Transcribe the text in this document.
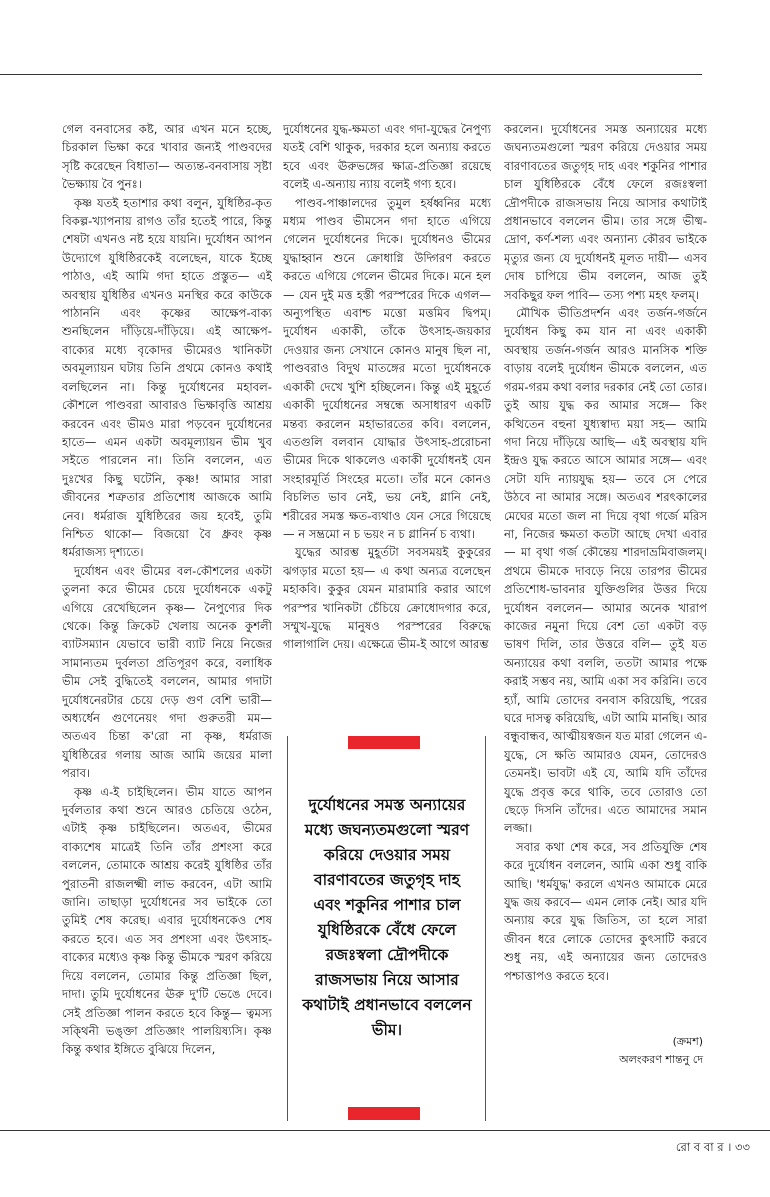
গেল বনবাসের কষ্ট, আর এখন মনে হচ্ছে, চিরকাল ভিক্ষা করে খাবার জন্যই পাণ্ডবদের সৃষ্টি করেছেন বিধাতা— অত্যন্ত-বনবাসায় সৃষ্টা ভৈক্ষ্যায় বৈ পুনঃ।

কৃষ্ণ যতই হতাশার কথা বলুন, যুধিষ্ঠির-কৃত বিকল্প-খ্যাপনায় রাগও তাঁর হতেই পারে, কিন্তু শেষটা এখনও নষ্ট হয়ে যায়নি। দুর্যোধন আপন উদ্যোগে যুধিষ্ঠিরকেই বলেছেন, যাকে ইচ্ছে পাঠাও, এই আমি গদা হাতে প্রস্তুত— এই অবস্থায় যুধিষ্ঠির এখনও মনস্থির করে কাউকে পাঠাননি এবং কৃষ্ণের আক্ষেপ-বাক্য শুনছিলেন দাঁড়িয়ে-দাঁড়িয়ে। এই আক্ষেপ-বাক্যের মধ্যে বৃকোদর ভীমেরও খানিকটা অবমূল্যায়ন ঘটায় তিনি প্রথমে কোনও কথাই বলছিলেন না। কিন্তু দুর্যোধনের মহাবল-কৌশলে পাণ্ডবরা আবারও ভিক্ষাবৃত্তি আশ্রয় করবেন এবং ভীমও মারা পড়বেন দুর্যোধনের হাতে— এমন একটা অবমূল্যায়ন ভীম খুব সইতে পারলেন না। তিনি বললেন, এত দুঃখের কিছু ঘটেনি, কৃষ্ণ! আমার সারা জীবনের শত্রুতার প্রতিশোধ আজকে আমি নেব। ধর্মরাজ যুধিষ্ঠিরের জয় হবেই, তুমি নিশ্চিত থাকো— বিজয়ো বৈ ধ্রুবং কৃষ্ণ ধর্মরাজস্য দৃশ্যতে।

দুর্যোধন এবং ভীমের বল-কৌশলের একটা তুলনা করে ভীমের চেয়ে দুর্যোধনকে একটু এগিয়ে রেখেছিলেন কৃষ্ণ— নৈপুণ্যের দিক থেকে। কিন্তু ক্রিকেট খেলায় অনেক কুশলী ব্যাটসম্যান যেভাবে ভারী ব্যাট নিয়ে নিজের সামান্যতম দুর্বলতা প্রতিপূরণ করে, বলাধিক ভীম সেই বুদ্ধিতেই বললেন, আমার গদাটা দুর্যোধনেরটার চেয়ে দেড় গুণ বেশি ভারী— অধ্যর্ধেন গুণেনেয়ং গদা গুরুতরী মম— অতএব চিন্তা ক'রো না কৃষ্ণ, ধর্মরাজ যুধিষ্ঠিরের গলায় আজ আমি জয়ের মালা পরাব।

কৃষ্ণ এ-ই চাইছিলেন। ভীম যাতে আপন দুর্বলতার কথা শুনে আরও চেতিয়ে ওঠেন, এটাই কৃষ্ণ চাইছিলেন। অতএব, ভীমের বাক্যশেষ মাত্রেই তিনি তাঁর প্রশংসা করে বললেন, তোমাকে আশ্রয় করেই যুধিষ্ঠির তাঁর পুরাতনী রাজলক্ষ্মী লাভ করবেন, এটা আমি জানি। তাছাড়া দুর্যোধনের সব ভাইকে তো তুমিই শেষ করেছ। এবার দুর্যোধনকেও শেষ করতে হবে। এত সব প্রশংসা এবং উৎসাহ-বাক্যের মধ্যেও কৃষ্ণ কিন্তু ভীমকে স্মরণ করিয়ে দিয়ে বললেন, তোমার কিন্তু প্রতিজ্ঞা ছিল, দাদা। তুমি দুর্যোধনের ঊরু দু'টি ভেঙে দেবে। সেই প্রতিজ্ঞা পালন করতে হবে কিন্তু— ত্বমস্য সক্থিনী ভঙ্ক্তা প্রতিজ্ঞাং পালয়িষ্যসি। কৃষ্ণ কিন্তু কথার ইঙ্গিতে বুঝিয়ে দিলেন,

দুর্যোধনের যুদ্ধ-ক্ষমতা এবং গদা-যুদ্ধের নৈপুণ্য যতই বেশি থাকুক, দরকার হলে অন্যায় করতে হবে এবং ঊরুভঙ্গের ক্ষাত্র-প্রতিজ্ঞা রয়েছে বলেই এ-অন্যায় ন্যায় বলেই গণ্য হবে।

পাণ্ডব-পাঞ্চালদের তুমুল হর্ষধ্বনির মধ্যে মধ্যম পাণ্ডব ভীমসেন গদা হাতে এগিয়ে গেলেন দুর্যোধনের দিকে। দুর্যোধনও ভীমের যুদ্ধাহ্বান শুনে ক্রোধাগ্নি উদ্গিরণ করতে করতে এগিয়ে গেলেন ভীমের দিকে। মনে হল— যেন দুই মত্ত হস্তী পরস্পরের দিকে এগল— অন্যুপস্থিত এবাশ্চ মত্তো মত্তমিব দ্বিপম্। দুর্যোধন একাকী, তাঁকে উৎসাহ-জয়কার দেওয়ার জন্য সেখানে কোনও মানুষ ছিল না, পাণ্ডবরাও বিদুথ মাতঙ্গের মতো দুর্যোধনকে একাকী দেখে খুশি হচ্ছিলেন। কিন্তু এই মুহূর্তে একাকী দুর্যোধনের সম্বন্ধে অসাধারণ একটি মন্তব্য করলেন মহাভারতের কবি। বললেন, এতগুলি বলবান যোদ্ধার উৎসাহ-প্ররোচনা ভীমের দিকে থাকলেও একাকী দুর্যোধনই যেন সংহারমূর্তি সিংহের মতো। তাঁর মনে কোনও বিচলিত ভাব নেই, ভয় নেই, গ্লানি নেই, শরীরের সমস্ত ক্ষত-ব্যথাও যেন সেরে গিয়েছে— ন সম্ভ্রমো ন চ ভয়ং ন চ গ্লানির্ন চ ব্যথা।

যুদ্ধের আরম্ভ মুহূর্তটা সবসময়ই কুকুরের ঝগড়ার মতো হয়— এ কথা অন্যত্র বলেছেন মহাকবি। কুকুর যেমন মারামারি করার আগে পরস্পর খানিকটা চেঁচিয়ে ক্রোধোদগার করে, সম্মুখ-যুদ্ধে মানুষও পরস্পরের বিরুদ্ধে গালাগালি দেয়। এক্ষেত্রে ভীম-ই আগে আরম্ভ

দুর্যোধনের সমস্ত অন্যায়ের মধ্যে জঘন্যতমগুলো স্মরণ করিয়ে দেওয়ার সময় বারণাবতের জতুগৃহ দাহ এবং শকুনির পাশার চাল যুধিষ্ঠিরকে বেঁধে ফেলে রজঃস্বলা দ্রৌপদীকে রাজসভায় নিয়ে আসার কথাটাই প্রধানভাবে বললেন ভীম।

করলেন। দুর্যোধনের সমস্ত অন্যায়ের মধ্যে জঘন্যতমগুলো স্মরণ করিয়ে দেওয়ার সময় বারণাবতের জতুগৃহ দাহ এবং শকুনির পাশার চাল যুধিষ্ঠিরকে বেঁধে ফেলে রজঃস্বলা দ্রৌপদীকে রাজসভায় নিয়ে আসার কথাটাই প্রধানভাবে বললেন ভীম। তার সঙ্গে ভীষ্ম-দ্রোণ, কর্ণ-শল্য এবং অন্যান্য কৌরব ভাইকে মৃত্যুর জন্য যে দুর্যোধনই মূলত দায়ী— এসব দোষ চাপিয়ে ভীম বললেন, আজ তুই সবকিছুর ফল পাবি— তস্য পশ্য মহৎ ফলম্।

মৌখিক ভীতিপ্রদর্শন এবং তর্জন-গর্জনে দুর্যোধন কিছু কম যান না এবং একাকী অবস্থায় তর্জন-গর্জন আরও মানসিক শক্তি বাড়ায় বলেই দুর্যোধন ভীমকে বললেন, এত গরম-গরম কথা বলার দরকার নেই তো তোর। তুই আয় যুদ্ধ কর আমার সঙ্গে— কিং কত্থিতেন বহুনা যুধ্যস্বাদ্য ময়া সহ— আমি গদা নিয়ে দাঁড়িয়ে আছি— এই অবস্থায় যদি ইন্দ্রও যুদ্ধ করতে আসে আমার সঙ্গে— এবং সেটা যদি ন্যায়যুদ্ধ হয়— তবে সে পেরে উঠবে না আমার সঙ্গে। অতএব শরৎকালের মেঘের মতো জল না দিয়ে বৃথা গর্জে মরিস না, নিজের ক্ষমতা কতটা আছে দেখা এবার— মা বৃথা গর্জ কৌন্তেয় শারদাভ্রমিবাজলম্। প্রথমে ভীমকে দাবড়ে নিয়ে তারপর ভীমের প্রতিশোধ-ভাবনার যুক্তিগুলির উত্তর দিয়ে দুর্যোধন বললেন— আমার অনেক খারাপ কাজের নমুনা দিয়ে বেশ তো একটা বড় ভাষণ দিলি, তার উত্তরে বলি— তুই যত অন্যায়ের কথা বললি, ততটা আমার পক্ষে করাই সম্ভব নয়, আমি একা সব করিনি। তবে হ্যাঁ, আমি তোদের বনবাস করিয়েছি, পরের ঘরে দাসত্ব করিয়েছি, এটা আমি মানছি। আর বন্ধুবান্ধব, আত্মীয়স্বজন যত মারা গেলেন এ-যুদ্ধে, সে ক্ষতি আমারও যেমন, তোদেরও তেমনই। ভাবটা এই যে, আমি যদি তাঁদের যুদ্ধে প্রবৃত্ত করে থাকি, তবে তোরাও তো ছেড়ে দিসনি তাঁদের। এতে আমাদের সমান লজ্জা।

সবার কথা শেষ করে, সব প্রতিযুক্তি শেষ করে দুর্যোধন বললেন, আমি একা শুধু বাকি আছি। 'ধর্মযুদ্ধ' করলে এখনও আমাকে মেরে যুদ্ধ জয় করবে— এমন লোক নেই। আর যদি অন্যায় করে যুদ্ধ জিতিস, তা হলে সারা জীবন ধরে লোকে তোদের কুৎসাটি করবে শুধু নয়, এই অন্যায়ের জন্য তোদেরও পশ্চাত্তাপও করতে হবে।

(ক্রমশ)
অলংকরণ শান্তনু দে
রো ব বা র । ৩৩
